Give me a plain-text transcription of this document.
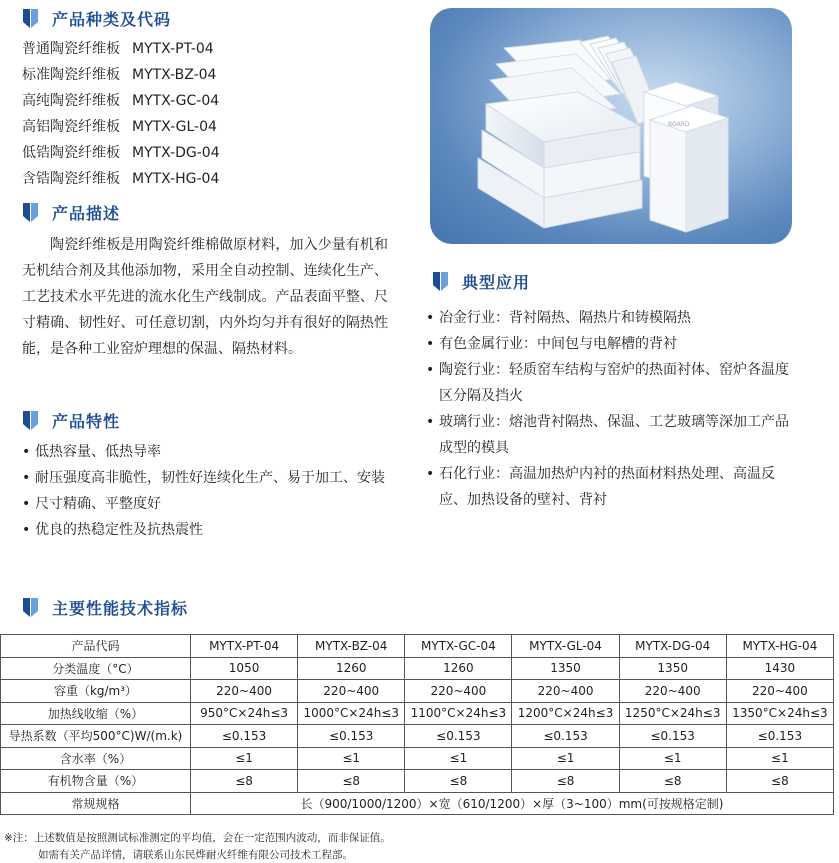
产品种类及代码
普通陶瓷纤维板 MYTX-PT-04
标准陶瓷纤维板 MYTX-BZ-04
高纯陶瓷纤维板 MYTX-GC-04
高铝陶瓷纤维板 MYTX-GL-04
低锆陶瓷纤维板 MYTX-DG-04
含锆陶瓷纤维板 MYTX-HG-04
产品描述
陶瓷纤维板是用陶瓷纤维棉做原材料，加入少量有机和无机结合剂及其他添加物，采用全自动控制、连续化生产、工艺技术水平先进的流水化生产线制成。产品表面平整、尺寸精确、韧性好、可任意切割，内外均匀并有很好的隔热性能，是各种工业窑炉理想的保温、隔热材料。
产品特性
• 低热容量、低热导率
• 耐压强度高非脆性，韧性好连续化生产、易于加工、安装
• 尺寸精确、平整度好
• 优良的热稳定性及抗热震性
BOARD
典型应用
• 冶金行业：背衬隔热、隔热片和铸模隔热
• 有色金属行业：中间包与电解槽的背衬
• 陶瓷行业：轻质窑车结构与窑炉的热面衬体、窑炉各温度区分隔及挡火
• 玻璃行业：熔池背衬隔热、保温、工艺玻璃等深加工产品成型的模具
• 石化行业：高温加热炉内衬的热面材料热处理、高温反应、加热设备的壁衬、背衬
主要性能技术指标
产品代码	MYTX-PT-04	MYTX-BZ-04	MYTX-GC-04	MYTX-GL-04	MYTX-DG-04	MYTX-HG-04
分类温度（°C）	1050	1260	1260	1350	1350	1430
容重（kg/m³）	220~400	220~400	220~400	220~400	220~400	220~400
加热线收缩（%）	950°C×24h≤3	1000°C×24h≤3	1100°C×24h≤3	1200°C×24h≤3	1250°C×24h≤3	1350°C×24h≤3
导热系数（平均500°C)W/(m.k)	≤0.153	≤0.153	≤0.153	≤0.153	≤0.153	≤0.153
含水率（%）	≤1	≤1	≤1	≤1	≤1	≤1
有机物含量（%）	≤8	≤8	≤8	≤8	≤8	≤8
常规规格	长（900/1000/1200）×宽（610/1200）×厚（3~100）mm(可按规格定制)					
※注：上述数值是按照测试标准测定的平均值，会在一定范围内波动，而非保证值。
如需有关产品详情，请联系山东民烨耐火纤维有限公司技术工程部。
